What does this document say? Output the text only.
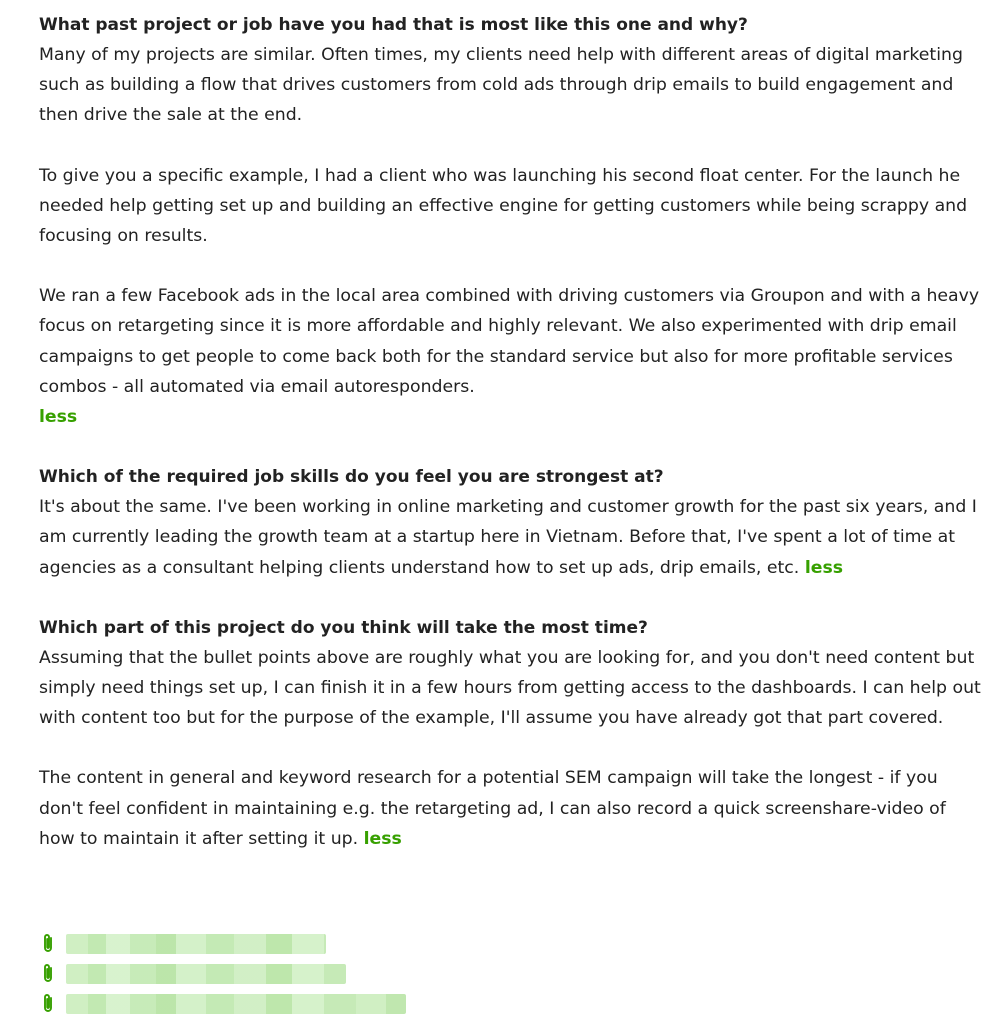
What past project or job have you had that is most like this one and why?

Many of my projects are similar. Often times, my clients need help with different areas of digital marketing such as building a flow that drives customers from cold ads through drip emails to build engagement and then drive the sale at the end.

To give you a specific example, I had a client who was launching his second float center. For the launch he needed help getting set up and building an effective engine for getting customers while being scrappy and focusing on results.

We ran a few Facebook ads in the local area combined with driving customers via Groupon and with a heavy focus on retargeting since it is more affordable and highly relevant. We also experimented with drip email campaigns to get people to come back both for the standard service but also for more profitable services combos - all automated via email autoresponders.
less

Which of the required job skills do you feel you are strongest at?

It's about the same. I've been working in online marketing and customer growth for the past six years, and I am currently leading the growth team at a startup here in Vietnam. Before that, I've spent a lot of time at agencies as a consultant helping clients understand how to set up ads, drip emails, etc. less

Which part of this project do you think will take the most time?

Assuming that the bullet points above are roughly what you are looking for, and you don't need content but simply need things set up, I can finish it in a few hours from getting access to the dashboards. I can help out with content too but for the purpose of the example, I'll assume you have already got that part covered.

The content in general and keyword research for a potential SEM campaign will take the longest - if you don't feel confident in maintaining e.g. the retargeting ad, I can also record a quick screenshare-video of how to maintain it after setting it up. less
